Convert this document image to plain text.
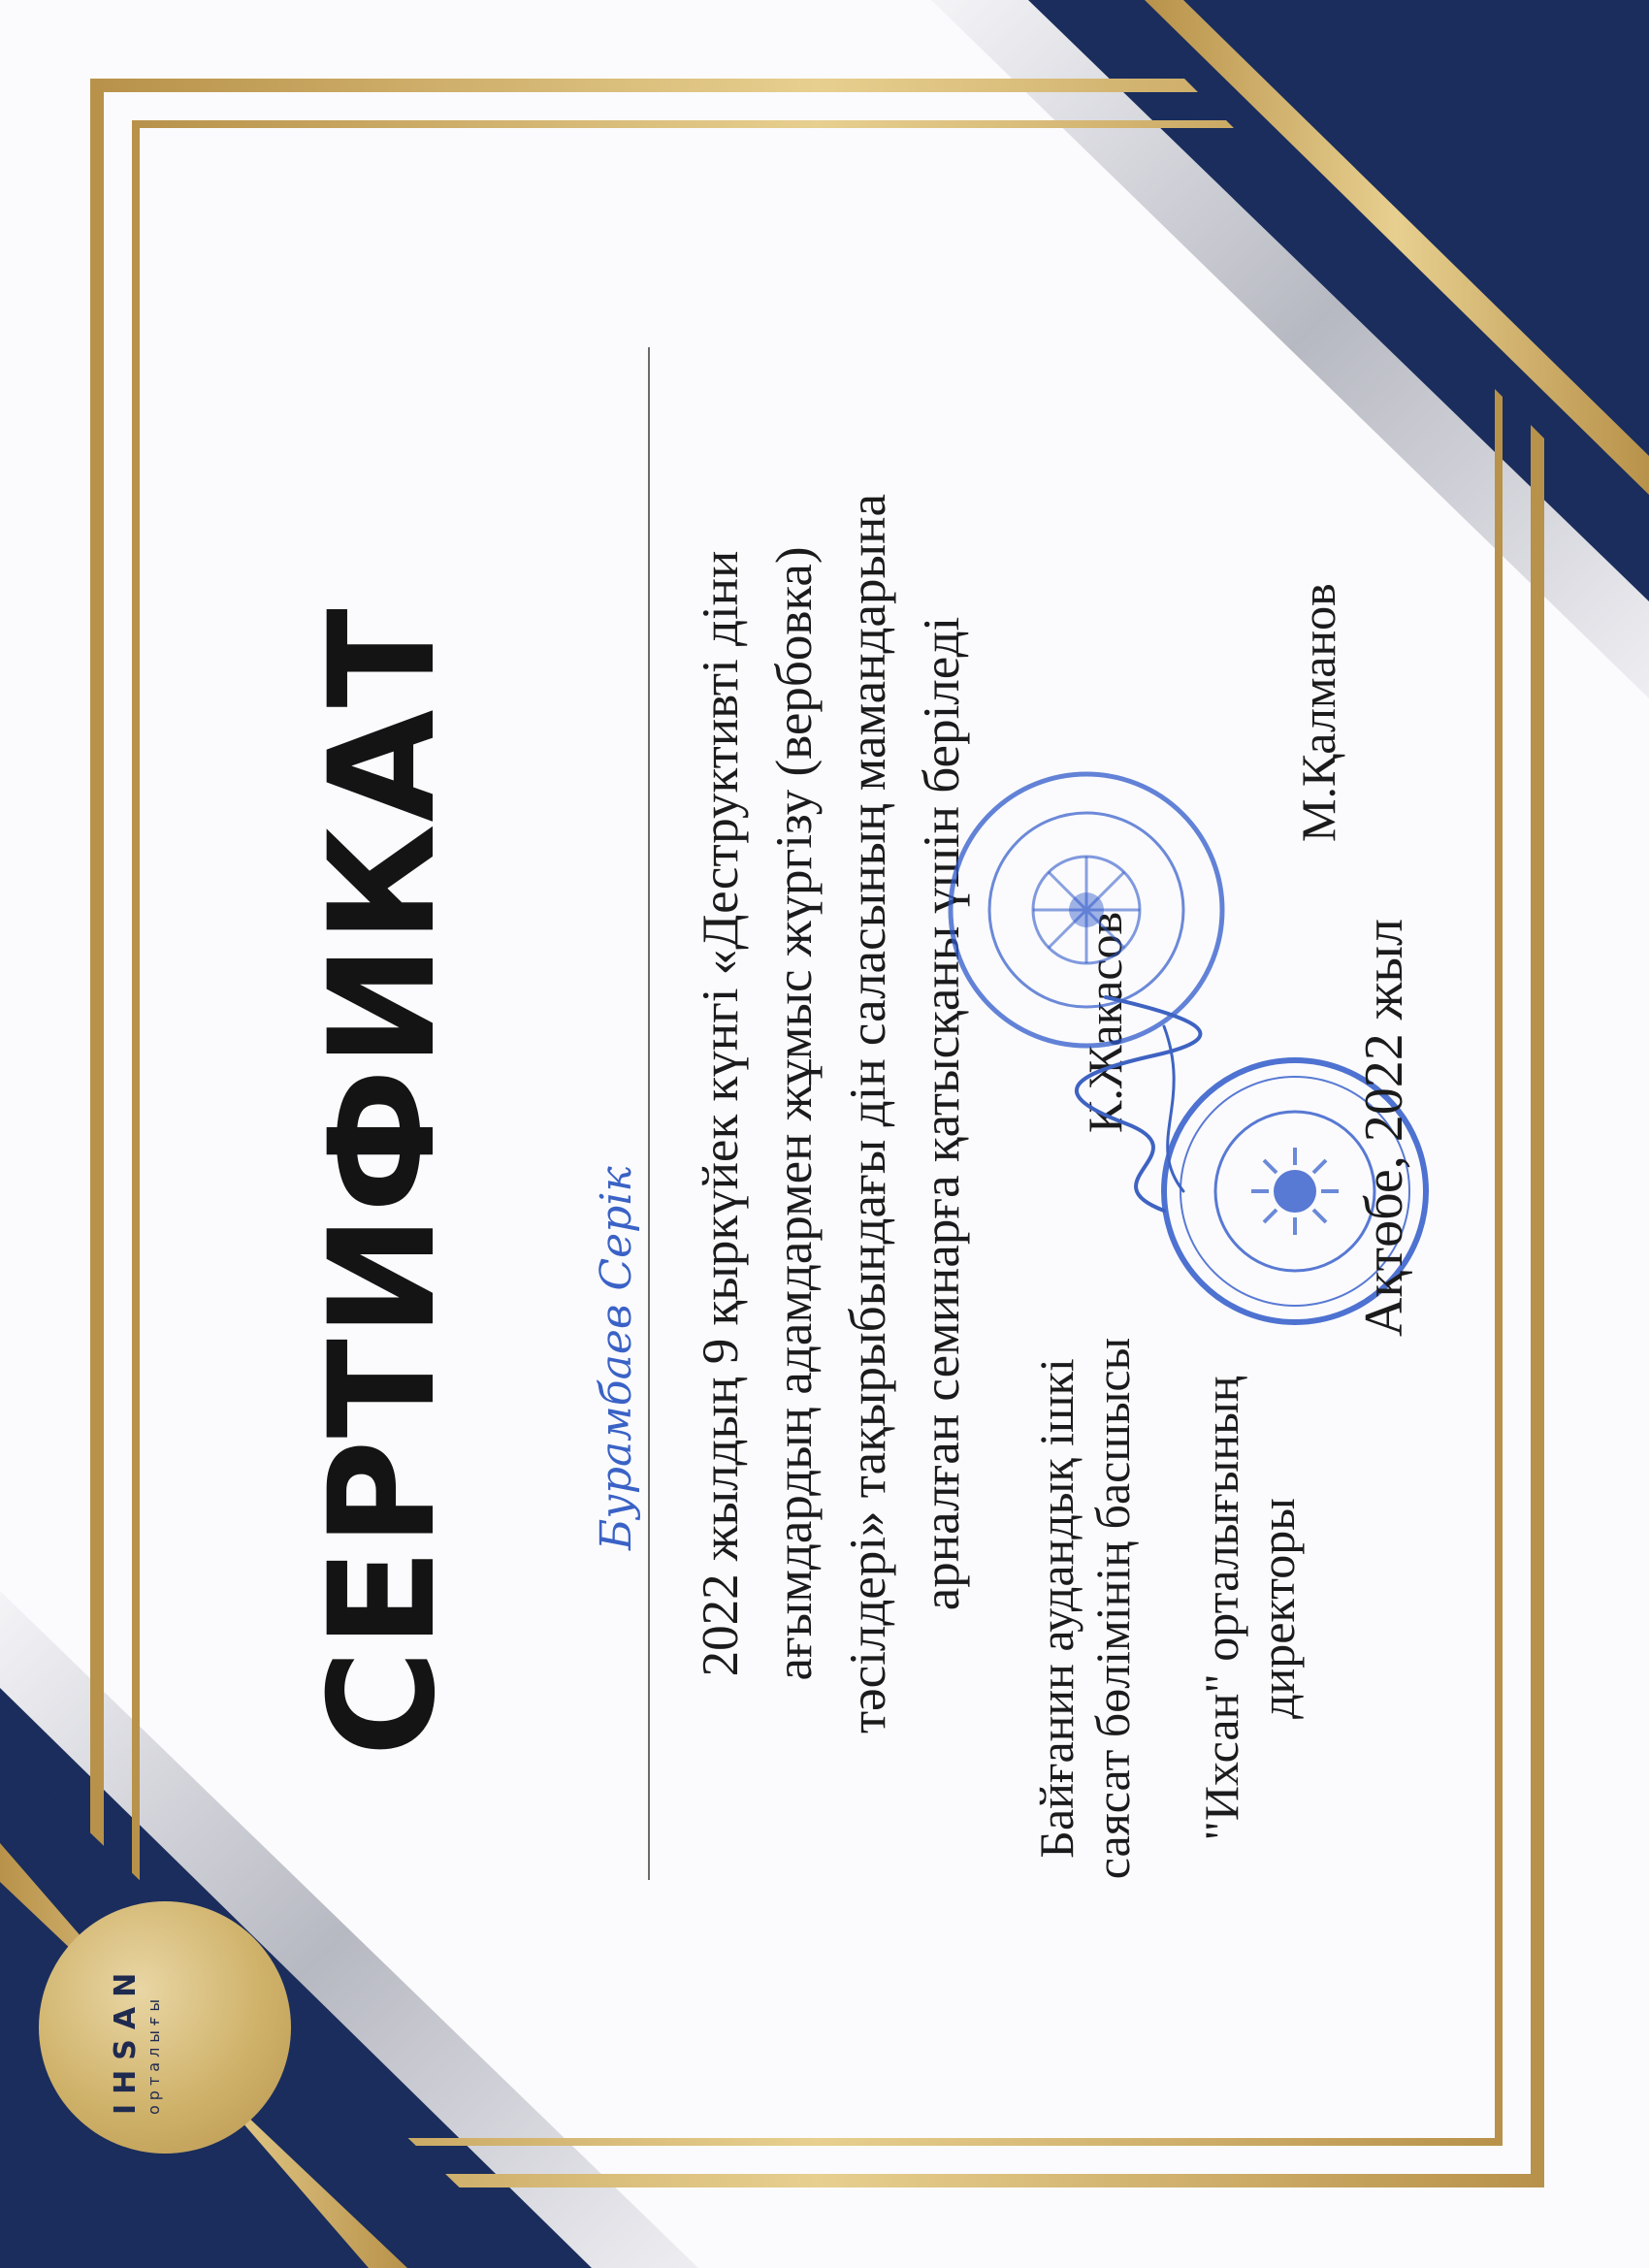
IHSAN орталығы
СЕРТИФИКАТ	Бурамбаев Серік 2022 жылдың 9 қыркүйек күнгі «Деструктивті діни ағымдардың адамдармен жұмыс жүргізу (вербовка) тәсілдері» тақырыбындағы дін саласының мамандарына арналған семинарға қатысқаны үшін беріледі Байғанин аудандық ішкі саясат бөлімінің басшысы
К.Жакасов
"Ихсан" орталығының директоры
М.Қалманов
Ақтөбе, 2022 жыл
